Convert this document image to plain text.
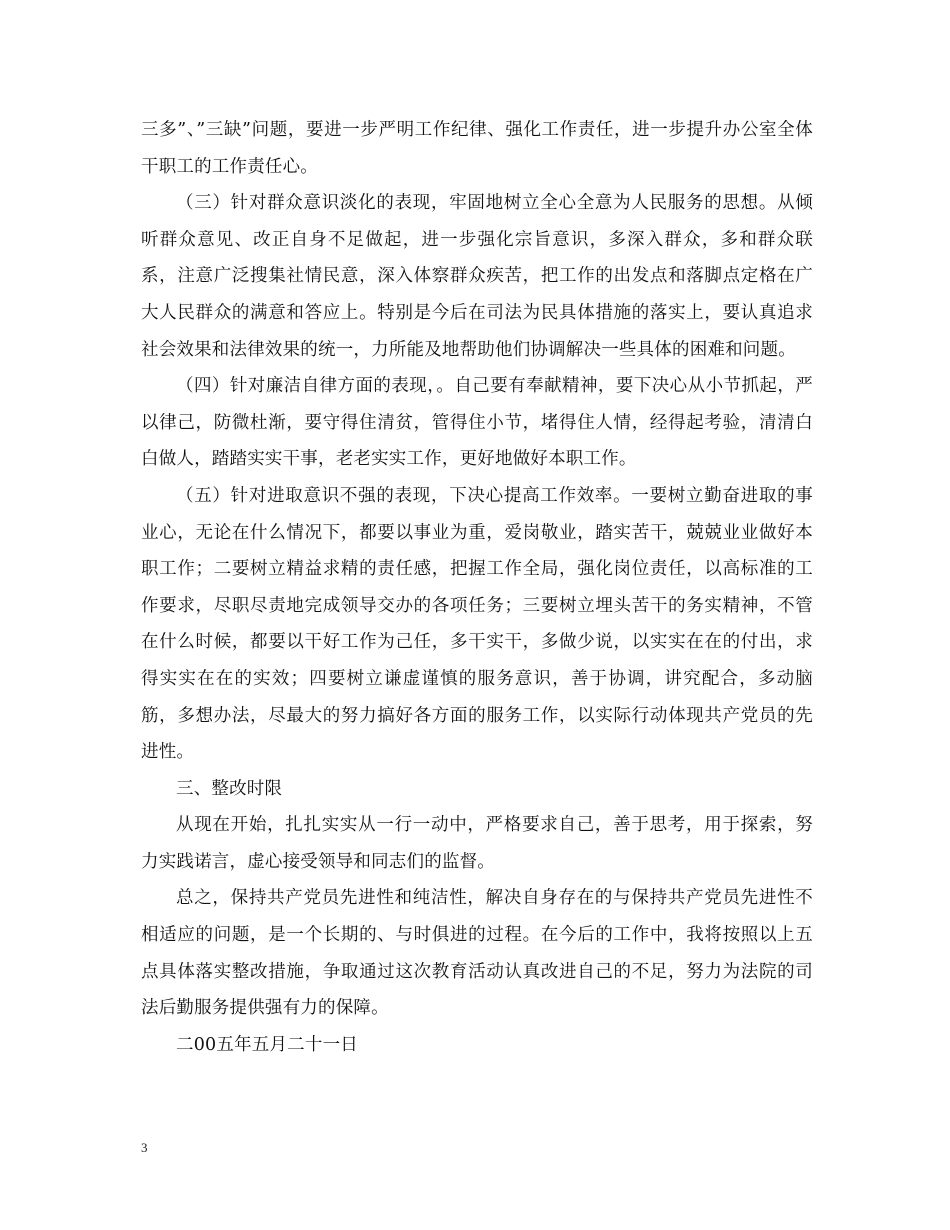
三多”、”三缺”问题，要进一步严明工作纪律、强化工作责任，进一步提升办公室全体干职工的工作责任心。

（三）针对群众意识淡化的表现，牢固地树立全心全意为人民服务的思想。从倾听群众意见、改正自身不足做起，进一步强化宗旨意识，多深入群众，多和群众联系，注意广泛搜集社情民意，深入体察群众疾苦，把工作的出发点和落脚点定格在广大人民群众的满意和答应上。特别是今后在司法为民具体措施的落实上，要认真追求社会效果和法律效果的统一，力所能及地帮助他们协调解决一些具体的困难和问题。

（四）针对廉洁自律方面的表现，。自己要有奉献精神，要下决心从小节抓起，严以律己，防微杜渐，要守得住清贫，管得住小节，堵得住人情，经得起考验，清清白白做人，踏踏实实干事，老老实实工作，更好地做好本职工作。

（五）针对进取意识不强的表现，下决心提高工作效率。一要树立勤奋进取的事业心，无论在什么情况下，都要以事业为重，爱岗敬业，踏实苦干，兢兢业业做好本职工作；二要树立精益求精的责任感，把握工作全局，强化岗位责任，以高标准的工作要求，尽职尽责地完成领导交办的各项任务；三要树立埋头苦干的务实精神，不管在什么时候，都要以干好工作为己任，多干实干，多做少说，以实实在在的付出，求得实实在在的实效；四要树立谦虚谨慎的服务意识，善于协调，讲究配合，多动脑筋，多想办法，尽最大的努力搞好各方面的服务工作，以实际行动体现共产党员的先进性。

三、整改时限

从现在开始，扎扎实实从一行一动中，严格要求自己，善于思考，用于探索，努力实践诺言，虚心接受领导和同志们的监督。

总之，保持共产党员先进性和纯洁性，解决自身存在的与保持共产党员先进性不相适应的问题，是一个长期的、与时俱进的过程。在今后的工作中，我将按照以上五点具体落实整改措施，争取通过这次教育活动认真改进自己的不足，努力为法院的司法后勤服务提供强有力的保障。

二00五年五月二十一日

3
